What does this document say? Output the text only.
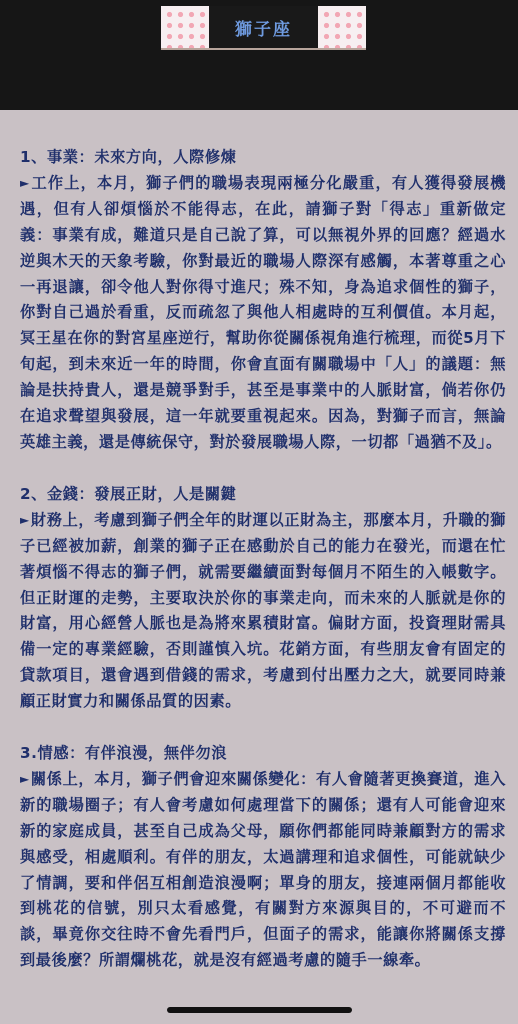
獅子座

1、事業：未來方向，人際修煉

►工作上，本月，獅子們的職場表現兩極分化嚴重，有人獲得發展機遇，但有人卻煩惱於不能得志，在此，請獅子對「得志」重新做定義：事業有成，難道只是自己說了算，可以無視外界的回應？經過水逆與木天的天象考驗，你對最近的職場人際深有感觸，本著尊重之心一再退讓，卻令他人對你得寸進尺；殊不知，身為追求個性的獅子，你對自己過於看重，反而疏忽了與他人相處時的互利價值。本月起，冥王星在你的對宮星座逆行，幫助你從關係視角進行梳理，而從5月下旬起，到未來近一年的時間，你會直面有關職場中「人」的議題：無論是扶持貴人，還是競爭對手，甚至是事業中的人脈財富，倘若你仍在追求聲望與發展，這一年就要重視起來。因為，對獅子而言，無論英雄主義，還是傳統保守，對於發展職場人際，一切都「過猶不及」。

2、金錢：發展正財，人是關鍵

►財務上，考慮到獅子們全年的財運以正財為主，那麼本月，升職的獅子已經被加薪，創業的獅子正在感動於自己的能力在發光，而還在忙著煩惱不得志的獅子們，就需要繼續面對每個月不陌生的入帳數字。但正財運的走勢，主要取決於你的事業走向，而未來的人脈就是你的財富，用心經營人脈也是為將來累積財富。偏財方面，投資理財需具備一定的專業經驗，否則謹慎入坑。花銷方面，有些朋友會有固定的貸款項目，還會遇到借錢的需求，考慮到付出壓力之大，就要同時兼顧正財實力和關係品質的因素。

3.情感：有伴浪漫，無伴勿浪

►關係上，本月，獅子們會迎來關係變化：有人會隨著更換賽道，進入新的職場圈子；有人會考慮如何處理當下的關係；還有人可能會迎來新的家庭成員，甚至自己成為父母，願你們都能同時兼顧對方的需求與感受，相處順利。有伴的朋友，太過講理和追求個性，可能就缺少了情調，要和伴侶互相創造浪漫啊；單身的朋友，接連兩個月都能收到桃花的信號，別只太看感覺，有關對方來源與目的，不可避而不談，畢竟你交往時不會先看門戶，但面子的需求，能讓你將關係支撐到最後麼？所謂爛桃花，就是沒有經過考慮的隨手一線牽。
